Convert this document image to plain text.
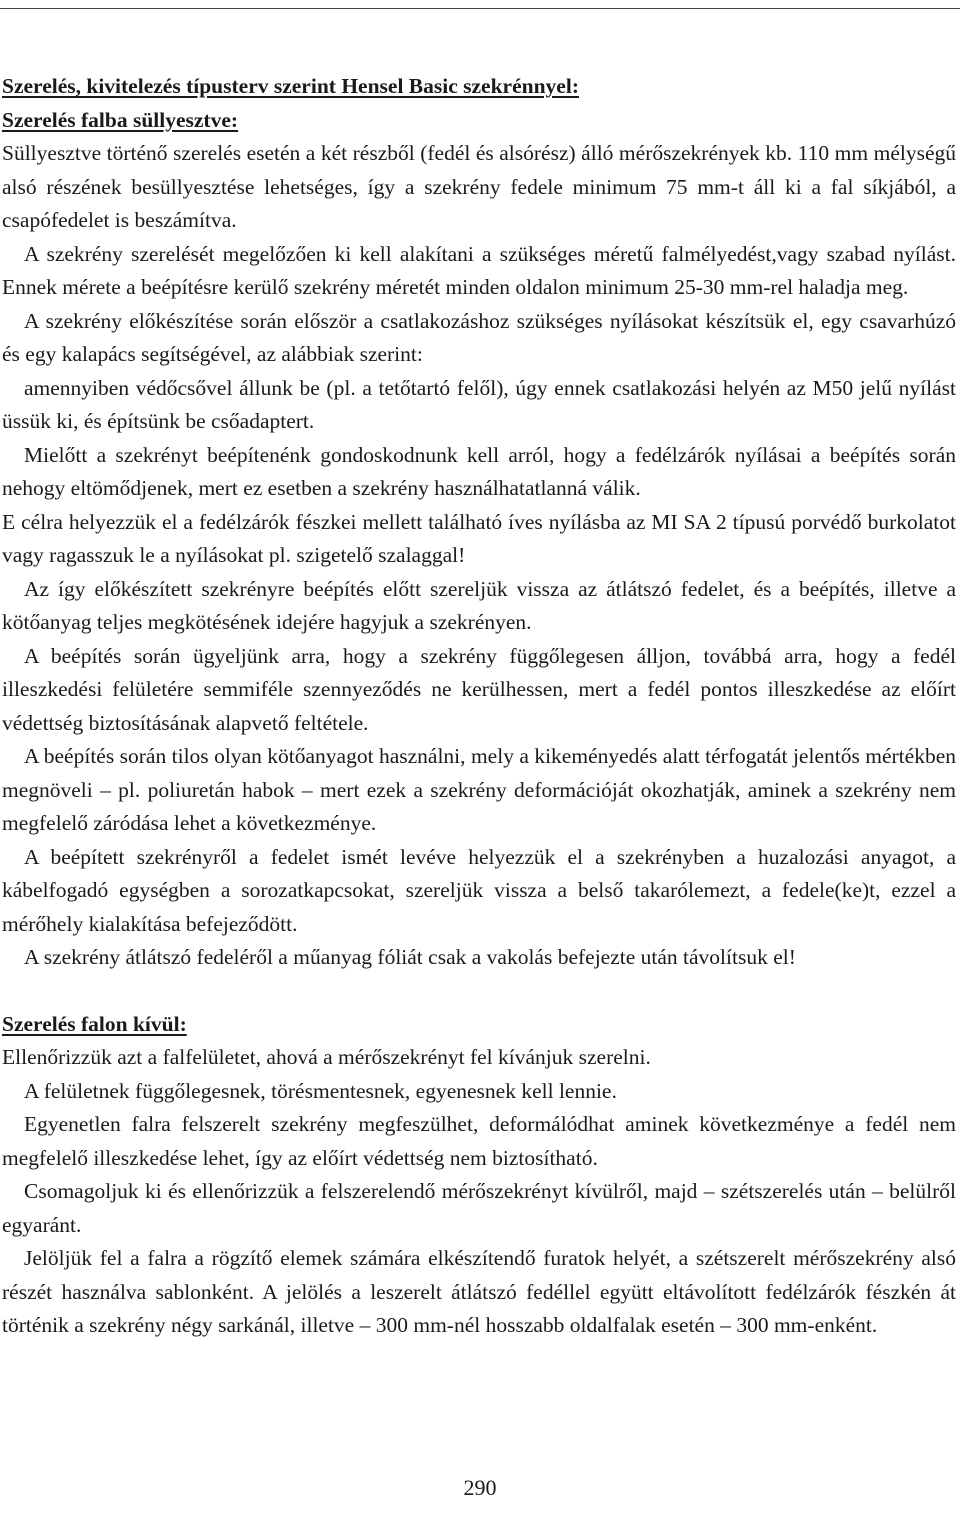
Szerelés, kivitelezés típusterv szerint Hensel Basic szekrénnyel:

Szerelés falba süllyesztve:

Süllyesztve történő szerelés esetén a két részből (fedél és alsórész) álló mérőszekrények kb. 110 mm mélységű alsó részének besüllyesztése lehetséges, így a szekrény fedele minimum 75 mm-t áll ki a fal síkjából, a csapófedelet is beszámítva.

A szekrény szerelését megelőzően ki kell alakítani a szükséges méretű falmélyedést,vagy szabad nyílást. Ennek mérete a beépítésre kerülő szekrény méretét minden oldalon minimum 25-30 mm-rel haladja meg.

A szekrény előkészítése során először a csatlakozáshoz szükséges nyílásokat készítsük el, egy csavarhúzó és egy kalapács segítségével, az alábbiak szerint:

amennyiben védőcsővel állunk be (pl. a tetőtartó felől), úgy ennek csatlakozási helyén az M50 jelű nyílást üssük ki, és építsünk be csőadaptert.

Mielőtt a szekrényt beépítenénk gondoskodnunk kell arról, hogy a fedélzárók nyílásai a beépítés során nehogy eltömődjenek, mert ez esetben a szekrény használhatatlanná válik.

E célra helyezzük el a fedélzárók fészkei mellett található íves nyílásba az MI SA 2 típusú porvédő burkolatot vagy ragasszuk le a nyílásokat pl. szigetelő szalaggal!

Az így előkészített szekrényre beépítés előtt szereljük vissza az átlátszó fedelet, és a beépítés, illetve a kötőanyag teljes megkötésének idejére hagyjuk a szekrényen.

A beépítés során ügyeljünk arra, hogy a szekrény függőlegesen álljon, továbbá arra, hogy a fedél illeszkedési felületére semmiféle szennyeződés ne kerülhessen, mert a fedél pontos illeszkedése az előírt védettség biztosításának alapvető feltétele.

A beépítés során tilos olyan kötőanyagot használni, mely a kikeményedés alatt térfogatát jelentős mértékben megnöveli – pl. poliuretán habok – mert ezek a szekrény deformációját okozhatják, aminek a szekrény nem megfelelő záródása lehet a következménye.

A beépített szekrényről a fedelet ismét levéve helyezzük el a szekrényben a huzalozási anyagot, a kábelfogadó egységben a sorozatkapcsokat, szereljük vissza a belső takarólemezt, a fedele(ke)t, ezzel a mérőhely kialakítása befejeződött.

A szekrény átlátszó fedeléről a műanyag fóliát csak a vakolás befejezte után távolítsuk el!

Szerelés falon kívül:

Ellenőrizzük azt a falfelületet, ahová a mérőszekrényt fel kívánjuk szerelni.

A felületnek függőlegesnek, törésmentesnek, egyenesnek kell lennie.

Egyenetlen falra felszerelt szekrény megfeszülhet, deformálódhat aminek következménye a fedél nem megfelelő illeszkedése lehet, így az előírt védettség nem biztosítható.

Csomagoljuk ki és ellenőrizzük a felszerelendő mérőszekrényt kívülről, majd – szétszerelés után – belülről egyaránt.

Jelöljük fel a falra a rögzítő elemek számára elkészítendő furatok helyét, a szétszerelt mérőszekrény alsó részét használva sablonként. A jelölés a leszerelt átlátszó fedéllel együtt eltávolított fedélzárók fészkén át történik a szekrény négy sarkánál, illetve – 300 mm-nél hosszabb oldalfalak esetén – 300 mm-enként.

290
